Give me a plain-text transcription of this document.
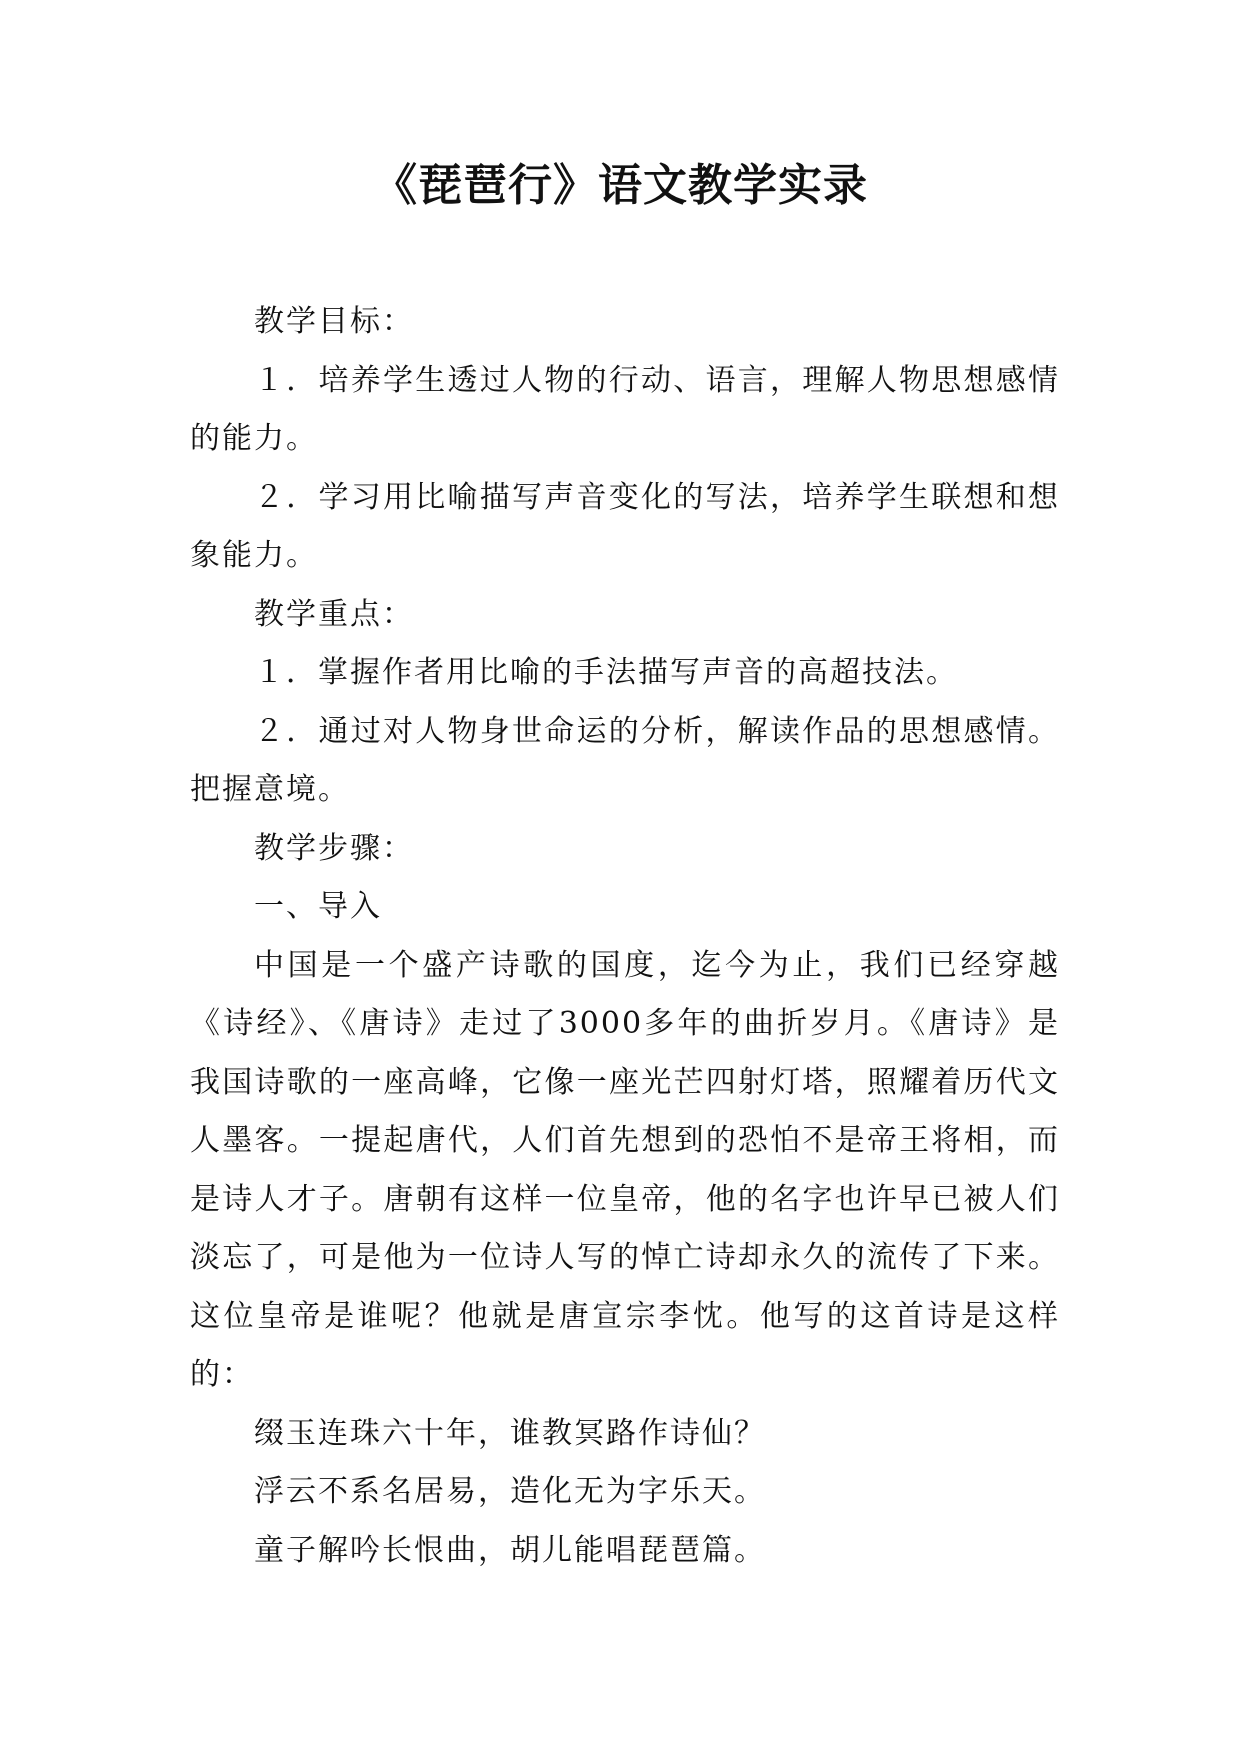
《琵琶行》语文教学实录

教学目标：

１．培养学生透过人物的行动、语言，理解人物思想感情的能力。

２．学习用比喻描写声音变化的写法，培养学生联想和想象能力。

教学重点：

１．掌握作者用比喻的手法描写声音的高超技法。

２．通过对人物身世命运的分析，解读作品的思想感情。把握意境。

教学步骤：

一、导入

中国是一个盛产诗歌的国度，迄今为止，我们已经穿越《诗经》、《唐诗》走过了3000多年的曲折岁月。《唐诗》是我国诗歌的一座高峰，它像一座光芒四射灯塔，照耀着历代文人墨客。一提起唐代，人们首先想到的恐怕不是帝王将相，而是诗人才子。唐朝有这样一位皇帝，他的名字也许早已被人们淡忘了，可是他为一位诗人写的悼亡诗却永久的流传了下来。这位皇帝是谁呢？他就是唐宣宗李忱。他写的这首诗是这样的：

缀玉连珠六十年，谁教冥路作诗仙？

浮云不系名居易，造化无为字乐天。

童子解吟长恨曲，胡儿能唱琵琶篇。
